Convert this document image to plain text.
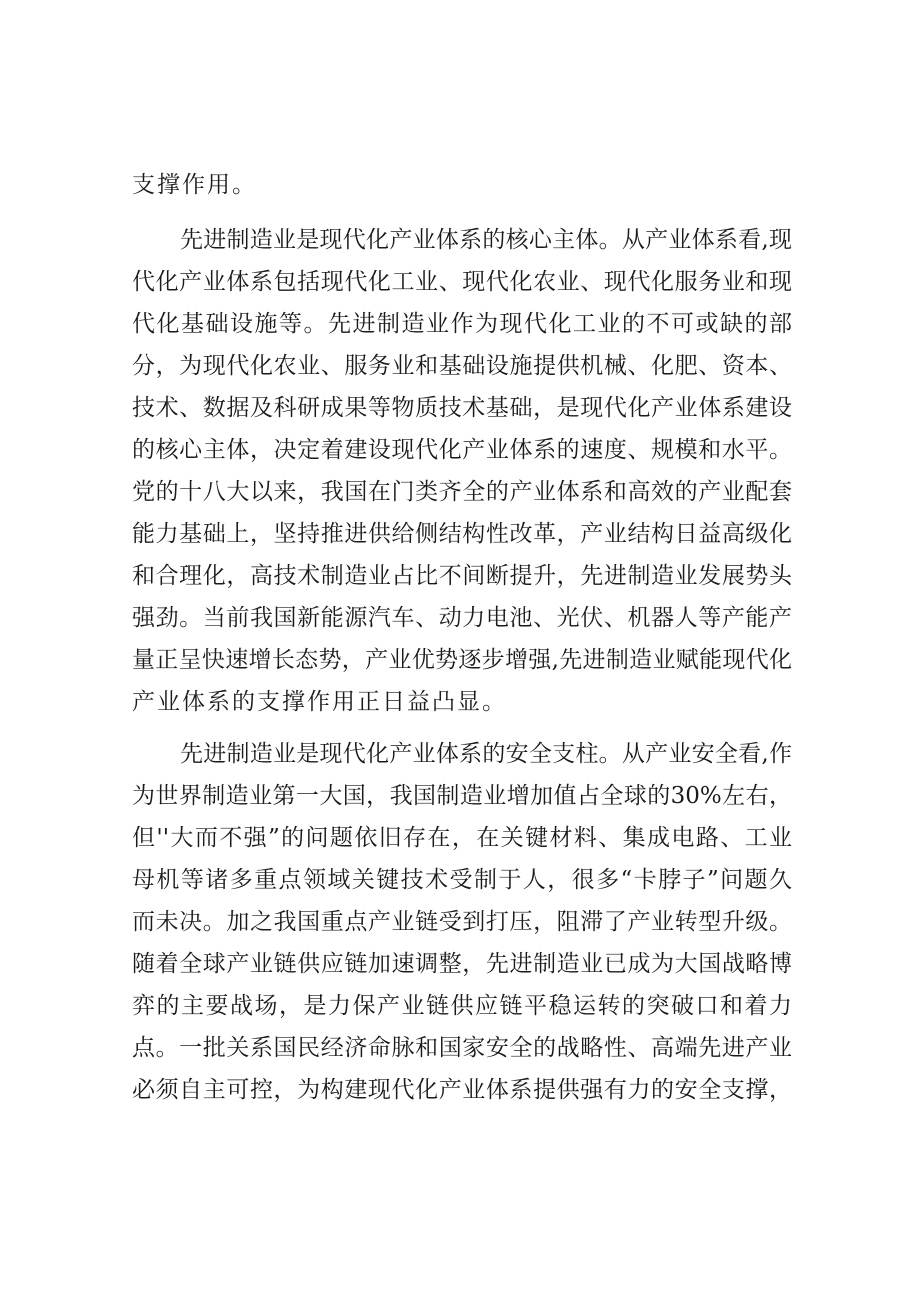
支撑作用。
先进制造业是现代化产业体系的核心主体。从产业体系看,现
代化产业体系包括现代化工业、现代化农业、现代化服务业和现
代化基础设施等。先进制造业作为现代化工业的不可或缺的部
分，为现代化农业、服务业和基础设施提供机械、化肥、资本、
技术、数据及科研成果等物质技术基础，是现代化产业体系建设
的核心主体，决定着建设现代化产业体系的速度、规模和水平。
党的十八大以来，我国在门类齐全的产业体系和高效的产业配套
能力基础上，坚持推进供给侧结构性改革，产业结构日益高级化
和合理化，高技术制造业占比不间断提升，先进制造业发展势头
强劲。当前我国新能源汽车、动力电池、光伏、机器人等产能产
量正呈快速增长态势，产业优势逐步增强,先进制造业赋能现代化
产业体系的支撑作用正日益凸显。
先进制造业是现代化产业体系的安全支柱。从产业安全看,作
为世界制造业第一大国，我国制造业增加值占全球的30%左右，
但''大而不强”的问题依旧存在，在关键材料、集成电路、工业
母机等诸多重点领域关键技术受制于人，很多“卡脖子”问题久
而未决。加之我国重点产业链受到打压，阻滞了产业转型升级。
随着全球产业链供应链加速调整，先进制造业已成为大国战略博
弈的主要战场，是力保产业链供应链平稳运转的突破口和着力
点。一批关系国民经济命脉和国家安全的战略性、高端先进产业
必须自主可控，为构建现代化产业体系提供强有力的安全支撑，
